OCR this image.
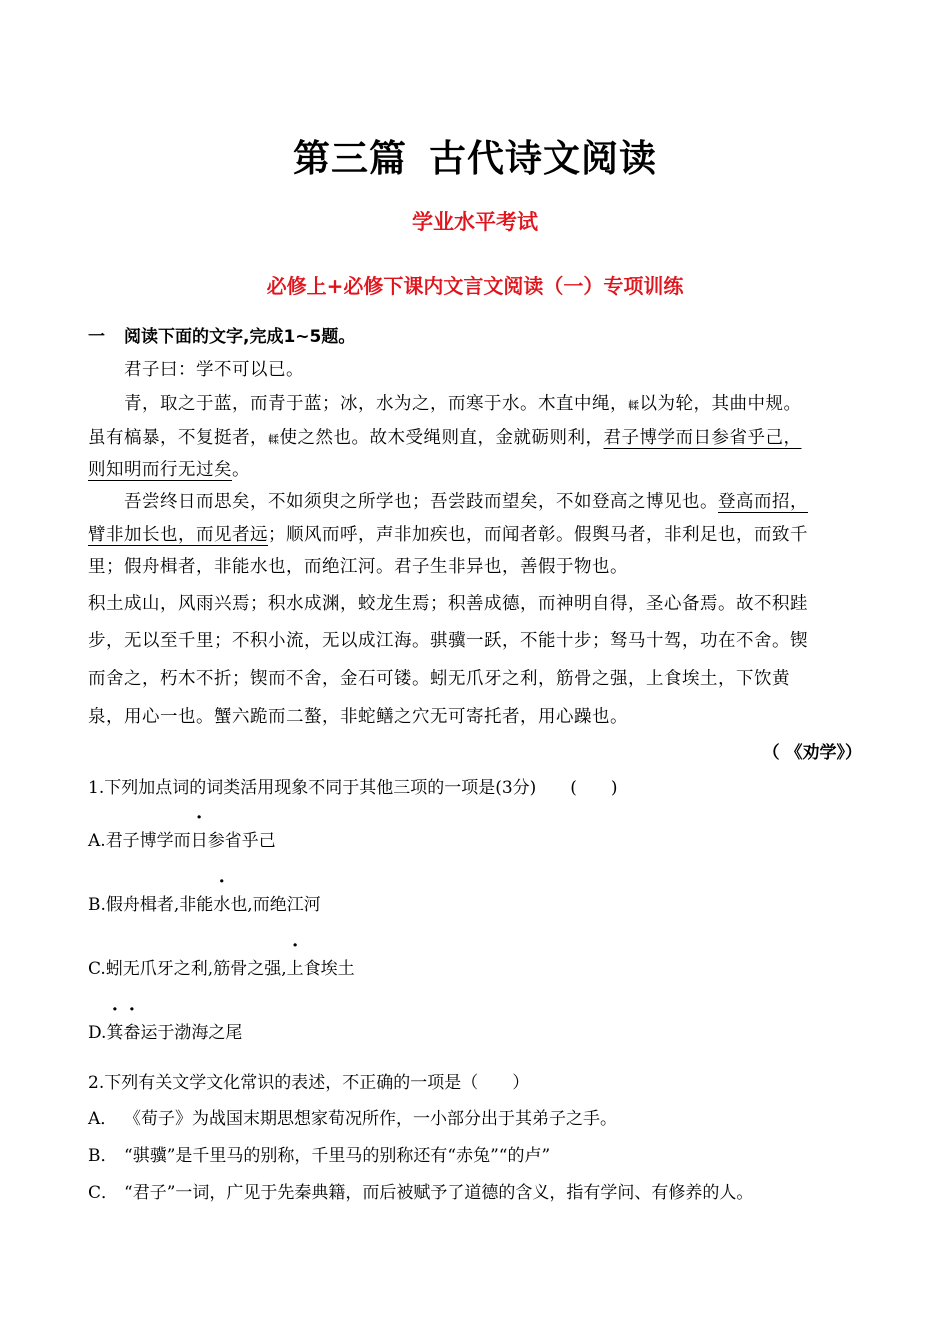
第三篇 古代诗文阅读
学业水平考试
必修上+必修下课内文言文阅读（一）专项训练
一 阅读下面的文字,完成1~5题。
君子曰：学不可以已。
青，取之于蓝，而青于蓝；冰，水为之，而寒于水。木直中绳，輮以为轮，其曲中规。
虽有槁暴，不复挺者，輮使之然也。故木受绳则直，金就砺则利，君子博学而日参省乎己，
则知明而行无过矣。
吾尝终日而思矣，不如须臾之所学也；吾尝跂而望矣，不如登高之博见也。登高而招，
臂非加长也，而见者远；顺风而呼，声非加疾也，而闻者彰。假舆马者，非利足也，而致千
里；假舟楫者，非能水也，而绝江河。君子生非异也，善假于物也。
积土成山，风雨兴焉；积水成渊，蛟龙生焉；积善成德，而神明自得，圣心备焉。故不积跬
步，无以至千里；不积小流，无以成江海。骐骥一跃，不能十步；驽马十驾，功在不舍。锲
而舍之，朽木不折；锲而不舍，金石可镂。蚓无爪牙之利，筋骨之强，上食埃土，下饮黄
泉，用心一也。蟹六跪而二螯，非蛇鳝之穴无可寄托者，用心躁也。
（ 《劝学》）
1.下列加点词的词类活用现象不同于其他三项的一项是(3分)　　(　　)
A.君子博学而日参省乎己
B.假舟楫者,非能水也,而绝江河
C.蚓无爪牙之利,筋骨之强,上食埃土
D.箕畚运于渤海之尾
2.下列有关文学文化常识的表述，不正确的一项是（　　）
A． 《荀子》为战国末期思想家荀况所作，一小部分出于其弟子之手。
B． “骐骥”是千里马的别称，千里马的别称还有“赤兔”“的卢”
C． “君子”一词，广见于先秦典籍，而后被赋予了道德的含义，指有学问、有修养的人。
